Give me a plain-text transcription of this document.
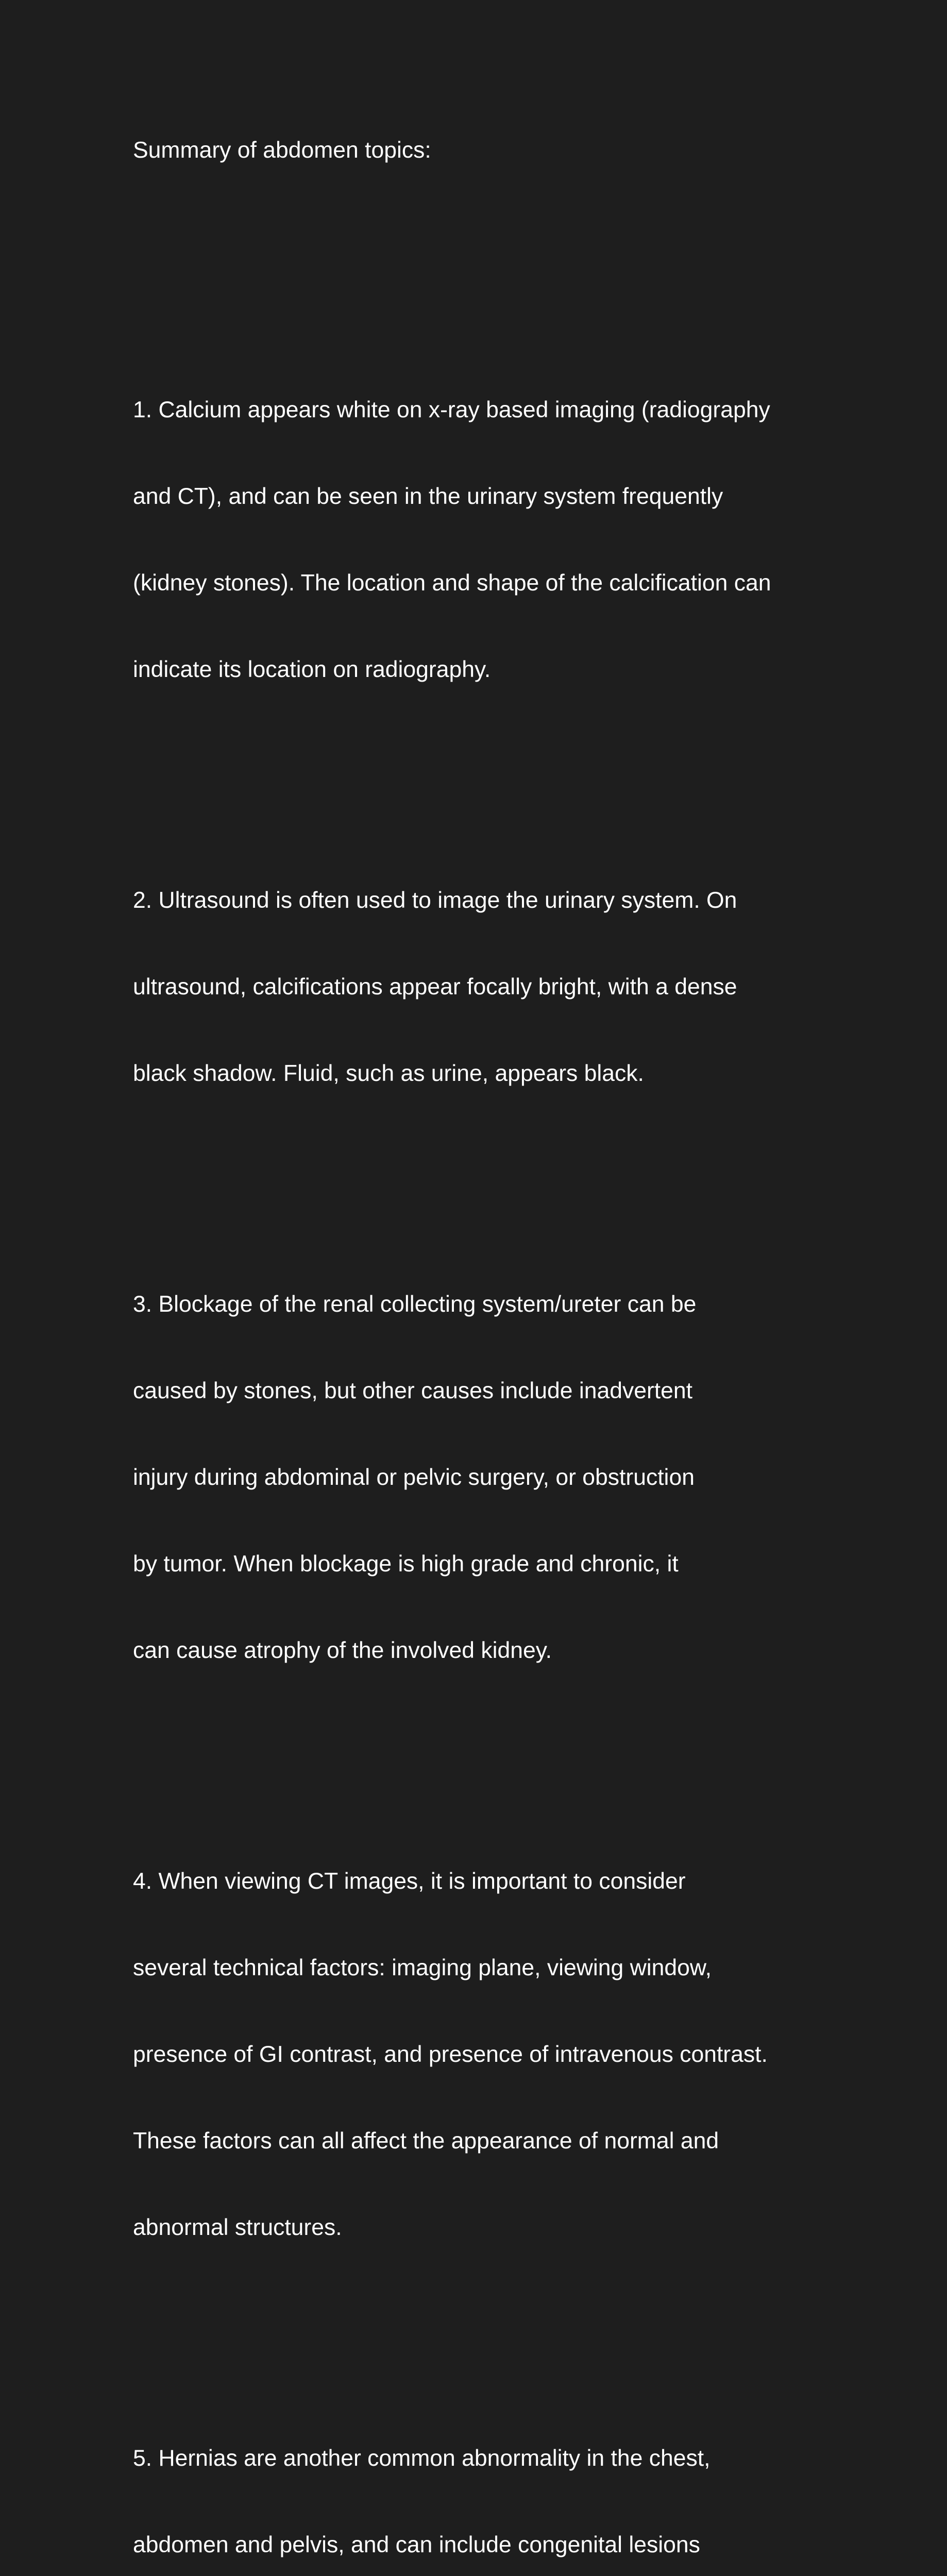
Summary of abdomen topics:

1. Calcium appears white on x-ray based imaging (radiography

and CT), and can be seen in the urinary system frequently

(kidney stones). The location and shape of the calcification can

indicate its location on radiography.

2. Ultrasound is often used to image the urinary system. On

ultrasound, calcifications appear focally bright, with a dense

black shadow. Fluid, such as urine, appears black.

3. Blockage of the renal collecting system/ureter can be

caused by stones, but other causes include inadvertent

injury during abdominal or pelvic surgery, or obstruction

by tumor. When blockage is high grade and chronic, it

can cause atrophy of the involved kidney.

4. When viewing CT images, it is important to consider

several technical factors: imaging plane, viewing window,

presence of GI contrast, and presence of intravenous contrast.

These factors can all affect the appearance of normal and

abnormal structures.

5. Hernias are another common abnormality in the chest,

abdomen and pelvis, and can include congenital lesions
